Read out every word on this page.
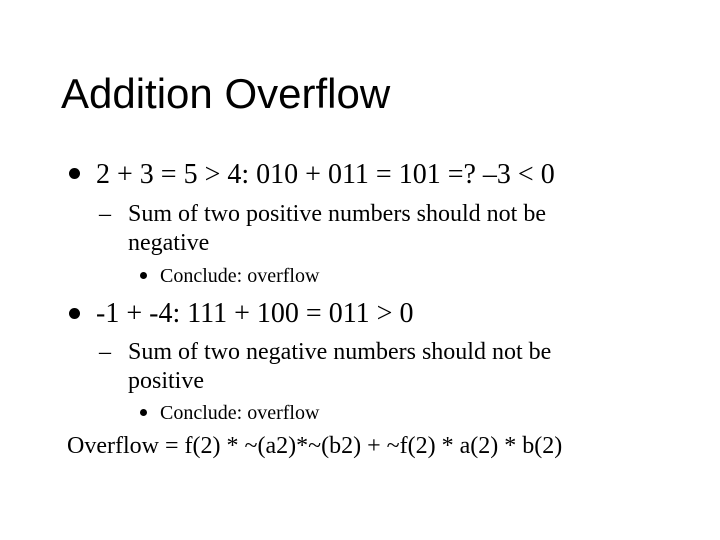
Addition Overflow
2 + 3 = 5 > 4: 010 + 011 = 101 =? –3 < 0
– Sum of two positive numbers should not be
negative
Conclude: overflow
-1 + -4: 111 + 100 = 011 > 0
– Sum of two negative numbers should not be
positive
Conclude: overflow
Overflow = f(2) * ~(a2)*~(b2) + ~f(2) * a(2) * b(2)
